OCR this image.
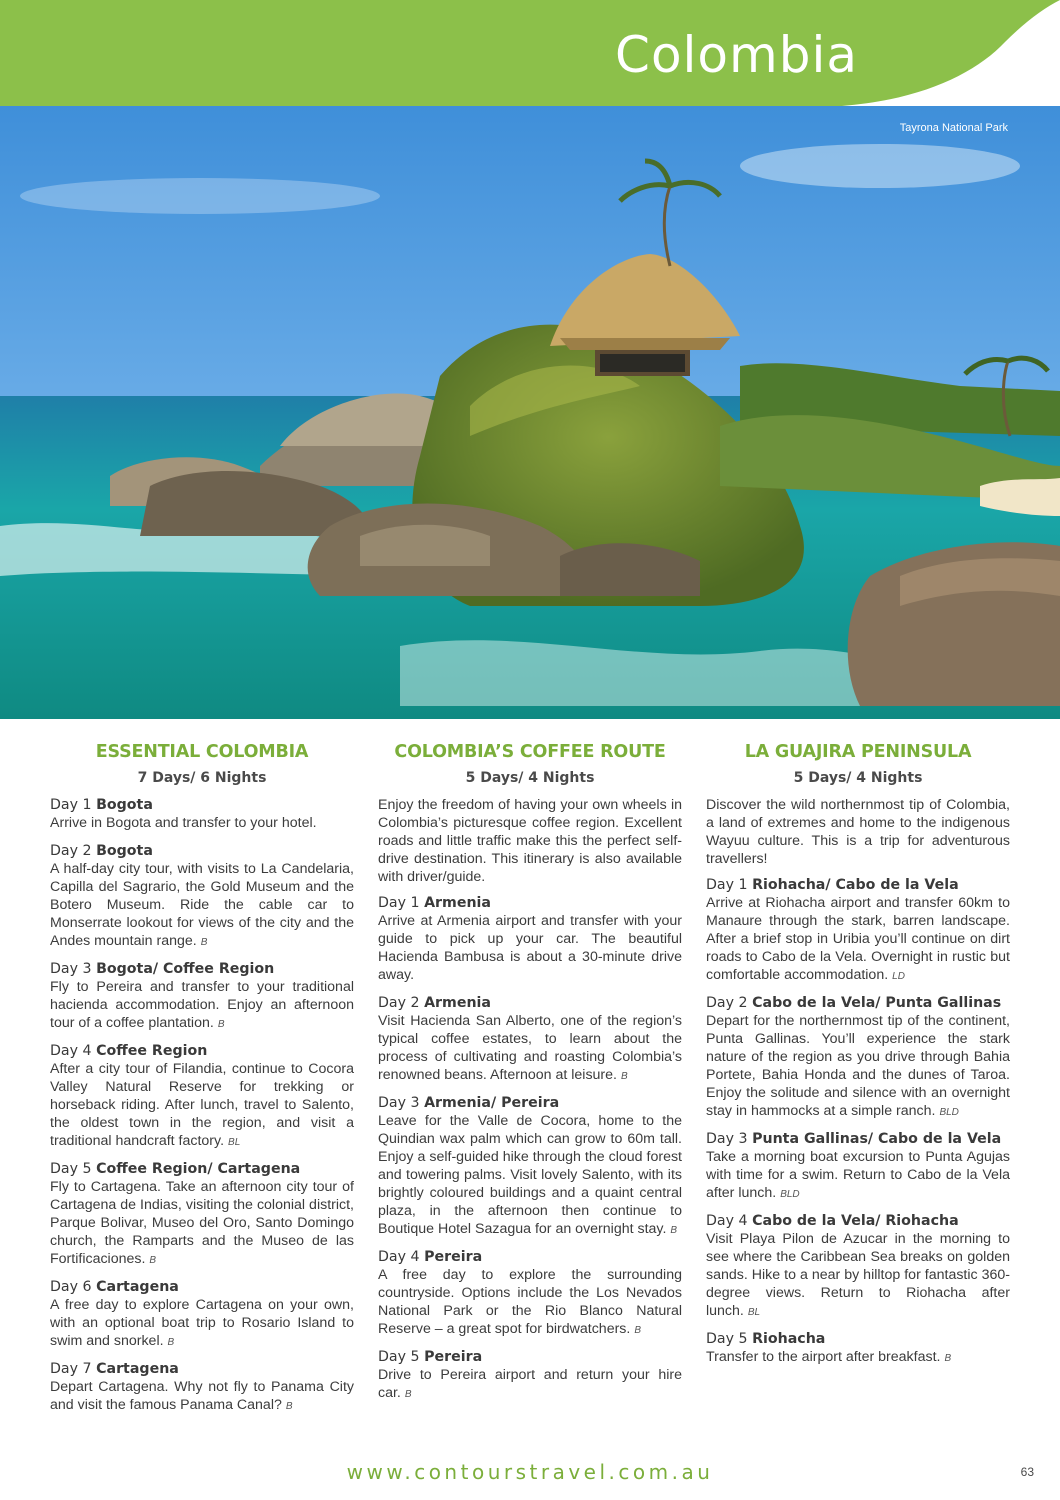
Colombia
Tayrona National Park
ESSENTIAL COLOMBIA
7 Days/ 6 Nights

Day 1 Bogota

Arrive in Bogota and transfer to your hotel.

Day 2 Bogota

A half-day city tour, with visits to La Candelaria, Capilla del Sagrario, the Gold Museum and the Botero Museum. Ride the cable car to Monserrate lookout for views of the city and the Andes mountain range. B

Day 3 Bogota/ Coffee Region

Fly to Pereira and transfer to your traditional hacienda accommodation. Enjoy an afternoon tour of a coffee plantation. B

Day 4 Coffee Region

After a city tour of Filandia, continue to Cocora Valley Natural Reserve for trekking or horseback riding. After lunch, travel to Salento, the oldest town in the region, and visit a traditional handcraft factory. BL

Day 5 Coffee Region/ Cartagena

Fly to Cartagena. Take an afternoon city tour of Cartagena de Indias, visiting the colonial district, Parque Bolivar, Museo del Oro, Santo Domingo church, the Ramparts and the Museo de las Fortificaciones. B

Day 6 Cartagena

A free day to explore Cartagena on your own, with an optional boat trip to Rosario Island to swim and snorkel. B

Day 7 Cartagena

Depart Cartagena. Why not fly to Panama City and visit the famous Panama Canal? B

COLOMBIA’S COFFEE ROUTE
5 Days/ 4 Nights

Enjoy the freedom of having your own wheels in Colombia’s picturesque coffee region. Excellent roads and little traffic make this the perfect self-drive destination. This itinerary is also available with driver/guide.

Day 1 Armenia

Arrive at Armenia airport and transfer with your guide to pick up your car. The beautiful Hacienda Bambusa is about a 30-minute drive away.

Day 2 Armenia

Visit Hacienda San Alberto, one of the region’s typical coffee estates, to learn about the process of cultivating and roasting Colombia’s renowned beans. Afternoon at leisure. B

Day 3 Armenia/ Pereira

Leave for the Valle de Cocora, home to the Quindian wax palm which can grow to 60m tall. Enjoy a self-guided hike through the cloud forest and towering palms. Visit lovely Salento, with its brightly coloured buildings and a quaint central plaza, in the afternoon then continue to Boutique Hotel Sazagua for an overnight stay. B

Day 4 Pereira

A free day to explore the surrounding countryside. Options include the Los Nevados National Park or the Rio Blanco Natural Reserve – a great spot for birdwatchers. B

Day 5 Pereira

Drive to Pereira airport and return your hire car. B

LA GUAJIRA PENINSULA
5 Days/ 4 Nights

Discover the wild northernmost tip of Colombia, a land of extremes and home to the indigenous Wayuu culture. This is a trip for adventurous travellers!

Day 1 Riohacha/ Cabo de la Vela

Arrive at Riohacha airport and transfer 60km to Manaure through the stark, barren landscape. After a brief stop in Uribia you’ll continue on dirt roads to Cabo de la Vela. Overnight in rustic but comfortable accommodation. LD

Day 2 Cabo de la Vela/ Punta Gallinas

Depart for the northernmost tip of the continent, Punta Gallinas. You’ll experience the stark nature of the region as you drive through Bahia Portete, Bahia Honda and the dunes of Taroa. Enjoy the solitude and silence with an overnight stay in hammocks at a simple ranch. BLD

Day 3 Punta Gallinas/ Cabo de la Vela

Take a morning boat excursion to Punta Agujas with time for a swim. Return to Cabo de la Vela after lunch. BLD

Day 4 Cabo de la Vela/ Riohacha

Visit Playa Pilon de Azucar in the morning to see where the Caribbean Sea breaks on golden sands. Hike to a near by hilltop for fantastic 360-degree views. Return to Riohacha after lunch. BL

Day 5 Riohacha

Transfer to the airport after breakfast. B

www.contourstravel.com.au	63
